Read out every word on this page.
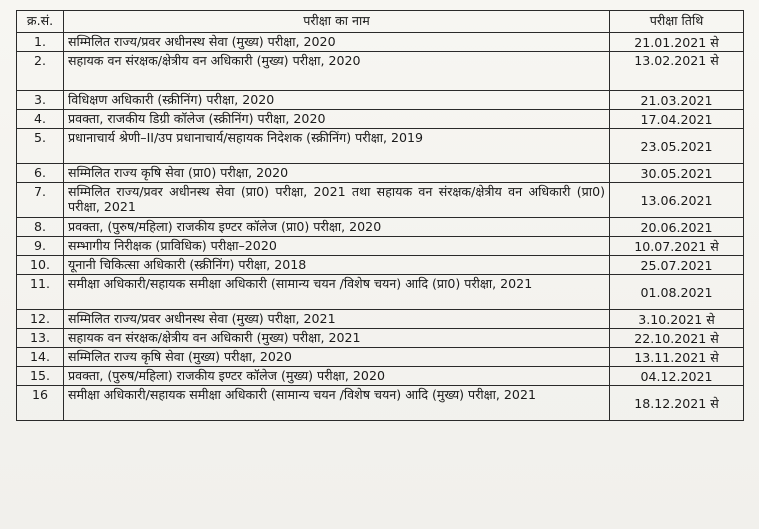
क्र.सं.	परीक्षा का नाम	परीक्षा तिथि
1.	सम्मिलित राज्य/प्रवर अधीनस्थ सेवा (मुख्य) परीक्षा, 2020	21.01.2021 से
2.	सहायक वन संरक्षक/क्षेत्रीय वन अधिकारी (मुख्य) परीक्षा, 2020	13.02.2021 से
3.	विधिक्षण अधिकारी (स्क्रीनिंग) परीक्षा, 2020	21.03.2021
4.	प्रवक्ता, राजकीय डिग्री कॉलेज (स्क्रीनिंग) परीक्षा, 2020	17.04.2021
5.	प्रधानाचार्य श्रेणी–II/उप प्रधानाचार्य/सहायक निदेशक (स्क्रीनिंग) परीक्षा, 2019	23.05.2021
6.	सम्मिलित राज्य कृषि सेवा (प्रा0) परीक्षा, 2020	30.05.2021
7.	सम्मिलित राज्य/प्रवर अधीनस्थ सेवा (प्रा0) परीक्षा, 2021 तथा सहायक वन संरक्षक/क्षेत्रीय वन अधिकारी (प्रा0) परीक्षा, 2021	13.06.2021
8.	प्रवक्ता, (पुरुष/महिला) राजकीय इण्टर कॉलेज (प्रा0) परीक्षा, 2020	20.06.2021
9.	सम्भागीय निरीक्षक (प्राविधिक) परीक्षा–2020	10.07.2021 से
10.	यूनानी चिकित्सा अधिकारी (स्क्रीनिंग) परीक्षा, 2018	25.07.2021
11.	समीक्षा अधिकारी/सहायक समीक्षा अधिकारी (सामान्य चयन /विशेष चयन) आदि (प्रा0) परीक्षा, 2021	01.08.2021
12.	सम्मिलित राज्य/प्रवर अधीनस्थ सेवा (मुख्य) परीक्षा, 2021	3.10.2021 से
13.	सहायक वन संरक्षक/क्षेत्रीय वन अधिकारी (मुख्य) परीक्षा, 2021	22.10.2021 से
14.	सम्मिलित राज्य कृषि सेवा (मुख्य) परीक्षा, 2020	13.11.2021 से
15.	प्रवक्ता, (पुरुष/महिला) राजकीय इण्टर कॉलेज (मुख्य) परीक्षा, 2020	04.12.2021
16	समीक्षा अधिकारी/सहायक समीक्षा अधिकारी (सामान्य चयन /विशेष चयन) आदि (मुख्य) परीक्षा, 2021	18.12.2021 से
